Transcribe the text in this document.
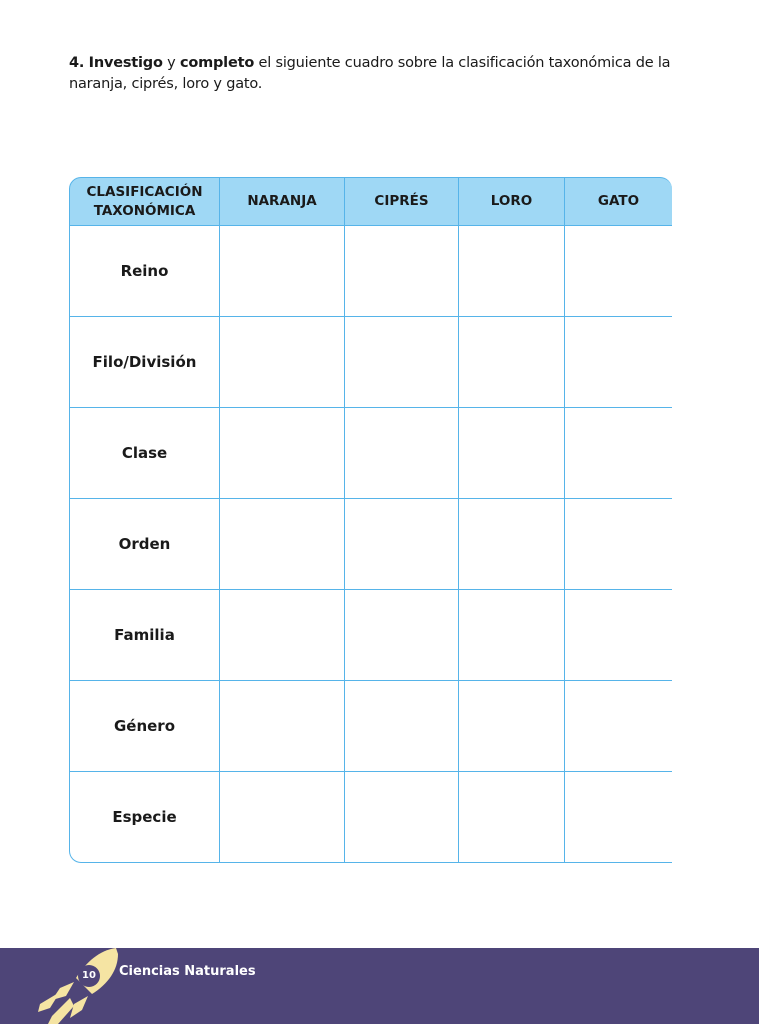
4. Investigo y completo el siguiente cuadro sobre la clasificación taxonómica de la naranja, ciprés, loro y gato.

CLASIFICACIÓN TAXONÓMICA	NARANJA	CIPRÉS	LORO	GATO
Reino				
Filo/División				
Clase				
Orden				
Familia				
Género				
Especie				
10	Ciencias Naturales
